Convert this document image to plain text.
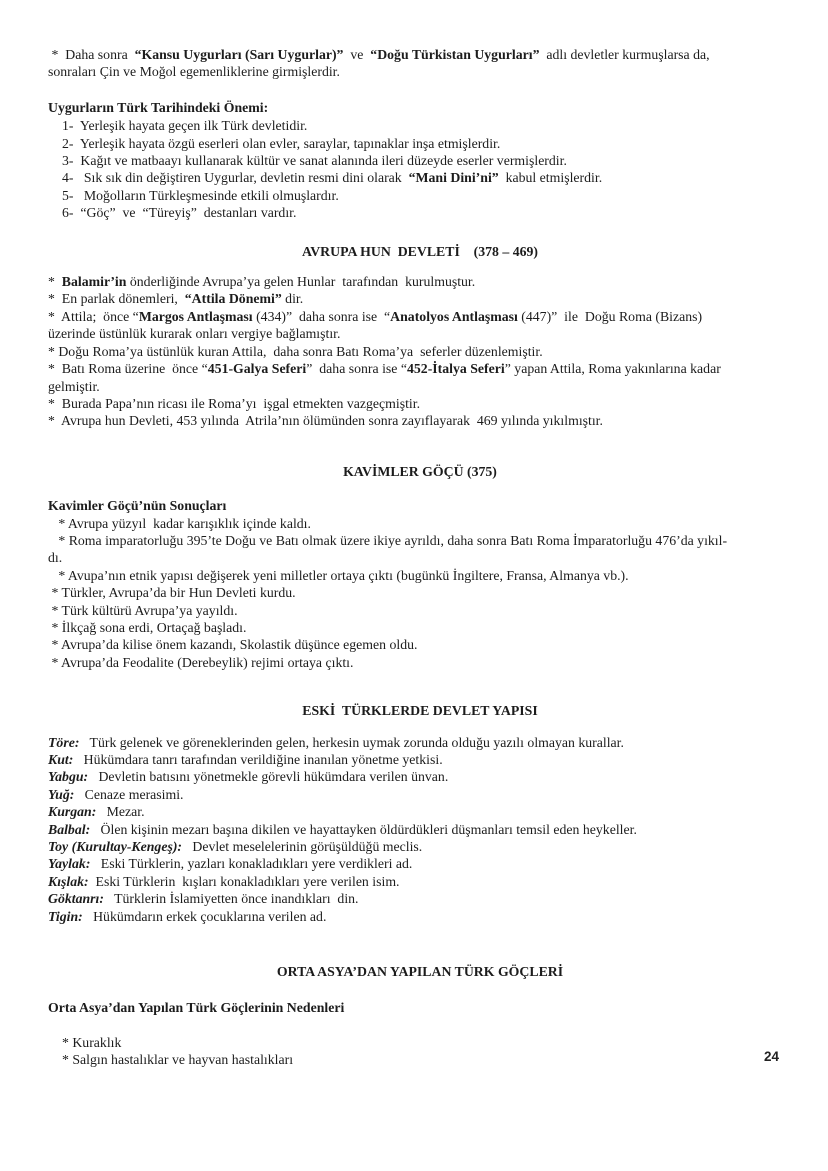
*  Daha sonra  “Kansu Uygurları (Sarı Uygurlar)”  ve  “Doğu Türkistan Uygurları”  adlı devletler kurmuşlarsa da,
sonraları Çin ve Moğol egemenliklerine girmişlerdir.
Uygurların Türk Tarihindeki Önemi:
1-  Yerleşik hayata geçen ilk Türk devletidir.
2-  Yerleşik hayata özgü eserleri olan evler, saraylar, tapınaklar inşa etmişlerdir.
3-  Kağıt ve matbaayı kullanarak kültür ve sanat alanında ileri düzeyde eserler vermişlerdir.
4-   Sık sık din değiştiren Uygurlar, devletin resmi dini olarak  “Mani Dini’ni”  kabul etmişlerdir.
5-   Moğolların Türkleşmesinde etkili olmuşlardır.
6-  “Göç”  ve  “Türeyiş”  destanları vardır.
AVRUPA HUN  DEVLETİ    (378 – 469)
*  Balamir’in önderliğinde Avrupa’ya gelen Hunlar  tarafından  kurulmuştur.
*  En parlak dönemleri,  “Attila Dönemi” dir.
*  Attila;  önce “Margos Antlaşması (434)”  daha sonra ise  “Anatolyos Antlaşması (447)”  ile  Doğu Roma (Bizans)
üzerinde üstünlük kurarak onları vergiye bağlamıştır.
* Doğu Roma’ya üstünlük kuran Attila,  daha sonra Batı Roma’ya  seferler düzenlemiştir.
*  Batı Roma üzerine  önce “451-Galya Seferi”  daha sonra ise “452-İtalya Seferi” yapan Attila, Roma yakınlarına kadar
gelmiştir.
*  Burada Papa’nın ricası ile Roma’yı  işgal etmekten vazgeçmiştir.
*  Avrupa hun Devleti, 453 yılında  Atrila’nın ölümünden sonra zayıflayarak  469 yılında yıkılmıştır.
KAVİMLER GÖÇÜ (375)
Kavimler Göçü’nün Sonuçları
* Avrupa yüzyıl  kadar karışıklık içinde kaldı.
* Roma imparatorluğu 395’te Doğu ve Batı olmak üzere ikiye ayrıldı, daha sonra Batı Roma İmparatorluğu 476’da yıkıl-
dı.
* Avupa’nın etnik yapısı değişerek yeni milletler ortaya çıktı (bugünkü İngiltere, Fransa, Almanya vb.).
* Türkler, Avrupa’da bir Hun Devleti kurdu.
* Türk kültürü Avrupa’ya yayıldı.
* İlkçağ sona erdi, Ortaçağ başladı.
* Avrupa’da kilise önem kazandı, Skolastik düşünce egemen oldu.
* Avrupa’da Feodalite (Derebeylik) rejimi ortaya çıktı.
ESKİ  TÜRKLERDE DEVLET YAPISI
Töre:   Türk gelenek ve göreneklerinden gelen, herkesin uymak zorunda olduğu yazılı olmayan kurallar.
Kut:   Hükümdara tanrı tarafından verildiğine inanılan yönetme yetkisi.
Yabgu:   Devletin batısını yönetmekle görevli hükümdara verilen ünvan.
Yuğ:   Cenaze merasimi.
Kurgan:   Mezar.
Balbal:   Ölen kişinin mezarı başına dikilen ve hayattayken öldürdükleri düşmanları temsil eden heykeller.
Toy (Kurultay-Kengeş):   Devlet meselelerinin görüşüldüğü meclis.
Yaylak:   Eski Türklerin, yazları konakladıkları yere verdikleri ad.
Kışlak:  Eski Türklerin  kışları konakladıkları yere verilen isim.
Göktanrı:   Türklerin İslamiyetten önce inandıkları  din.
Tigin:   Hükümdarın erkek çocuklarına verilen ad.
ORTA ASYA’DAN YAPILAN TÜRK GÖÇLERİ
Orta Asya’dan Yapılan Türk Göçlerinin Nedenleri
* Kuraklık
* Salgın hastalıklar ve hayvan hastalıkları	24
